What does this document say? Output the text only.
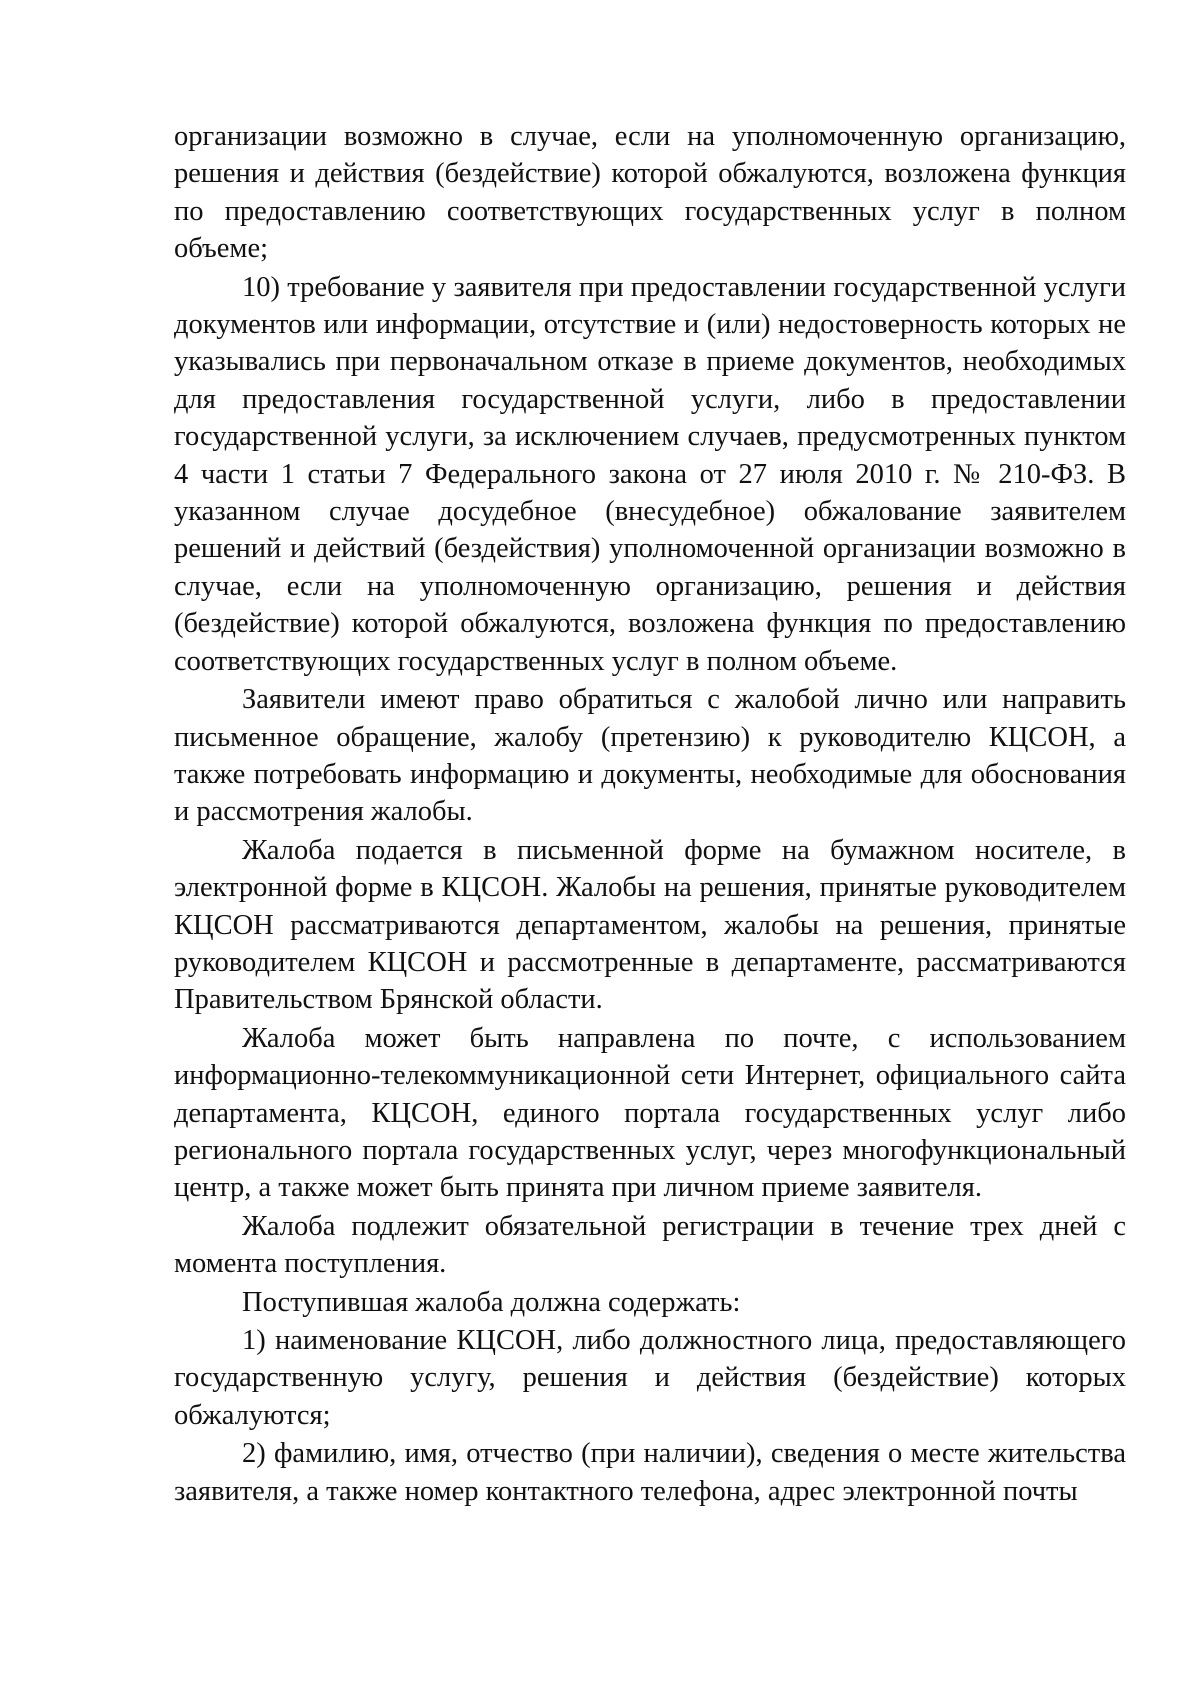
организации возможно в случае, если на уполномоченную организацию, решения и действия (бездействие) которой обжалуются, возложена функция по предоставлению соответствующих государственных услуг в полном объеме;

10) требование у заявителя при предоставлении государственной услуги документов или информации, отсутствие и (или) недостоверность которых не указывались при первоначальном отказе в приеме документов, необходимых для предоставления государственной услуги, либо в предоставлении государственной услуги, за исключением случаев, предусмотренных пунктом 4 части 1 статьи 7 Федерального закона от 27 июля 2010 г. № 210-ФЗ. В указанном случае досудебное (внесудебное) обжалование заявителем решений и действий (бездействия) уполномоченной организации возможно в случае, если на уполномоченную организацию, решения и действия (бездействие) которой обжалуются, возложена функция по предоставлению соответствующих государственных услуг в полном объеме.

Заявители имеют право обратиться с жалобой лично или направить письменное обращение, жалобу (претензию) к руководителю КЦСОН, а также потребовать информацию и документы, необходимые для обоснования и рассмотрения жалобы.

Жалоба подается в письменной форме на бумажном носителе, в электронной форме в КЦСОН. Жалобы на решения, принятые руководителем КЦСОН рассматриваются департаментом, жалобы на решения, принятые руководителем КЦСОН и рассмотренные в департаменте, рассматриваются Правительством Брянской области.

Жалоба может быть направлена по почте, с использованием информационно-телекоммуникационной сети Интернет, официального сайта департамента, КЦСОН, единого портала государственных услуг либо регионального портала государственных услуг, через многофункциональный центр, а также может быть принята при личном приеме заявителя.

Жалоба подлежит обязательной регистрации в течение трех дней с момента поступления.

Поступившая жалоба должна содержать:

1) наименование КЦСОН, либо должностного лица, предоставляющего государственную услугу, решения и действия (бездействие) которых обжалуются;

2) фамилию, имя, отчество (при наличии), сведения о месте жительства заявителя, а также номер контактного телефона, адрес электронной почты
